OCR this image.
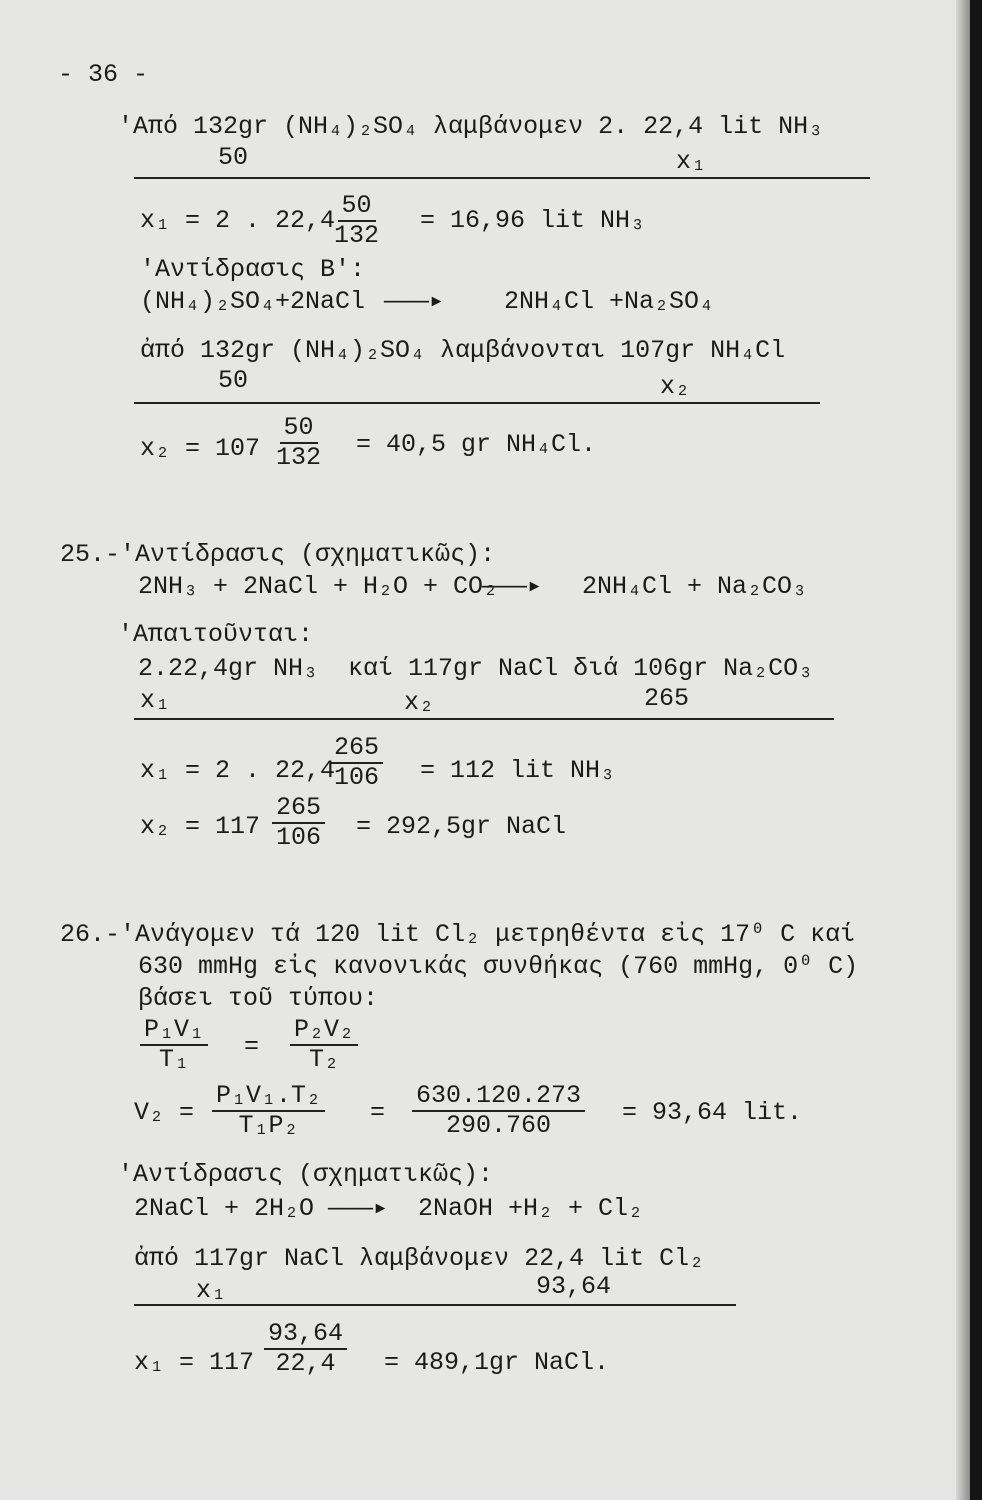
- 36 -
'Από 132gr (NH₄)₂SO₄ λαμβάνομεν 2. 22,4 lit NH₃
50	x₁
x₁ = 2 . 22,4
$\frac{50}{132} = 16,96$ lit NH₃
'Αντίδρασις Β':
(NH₄)₂SO₄+2NaCl ———▸ 2NH₄Cl +Na₂SO₄
ἀπό 132gr (NH₄)₂SO₄ λαμβάνονται 107gr NH₄Cl
50	x₂
$x_2 = 107 \frac{50}{132} = 40,5$ gr NH₄Cl.
25.-'Αντίδρασις (σχηματικῶς):
2NH₃ + 2NaCl + H₂O + CO₂
———▸ 2NH₄Cl + Na₂CO₃
'Απαιτοῦνται:
2.22,4gr NH₃  καί 117gr NaCl διά 106gr Na₂CO₃
x₁	x₂	265
x₁ = 2 . 22,4
$\frac{265}{106} = 112$ lit NH₃
$x_2 = 117 \frac{265}{106} = 292,5gr$ NaCl
26.-'Ανάγομεν τά 120 lit Cl₂ μετρηθέντα εἰς 17⁰ C καί
630 mmHg εἰς κανονικάς συνθήκας (760 mmHg, 0⁰ C)
βάσει τοῦ τύπου:
$\frac{\text{P₁V₁}}{\text{T₁}} = \frac{\text{P₂V₂}}{\text{T₂}}$
$V_2 = \frac{\text{P₁V₁.T₂}}{\text{T₁P₂}} = \frac{630.120.273}{290.760} = 93,64$ lit.
'Αντίδρασις (σχηματικῶς):
2NaCl + 2H₂O ———▸ 2NaOH +H₂ + Cl₂
ἀπό 117gr NaCl λαμβάνομεν 22,4 lit Cl₂
x₁	93,64
$x_1 = 117 \frac{93,64}{22,4} = 489,1gr$ NaCl.
